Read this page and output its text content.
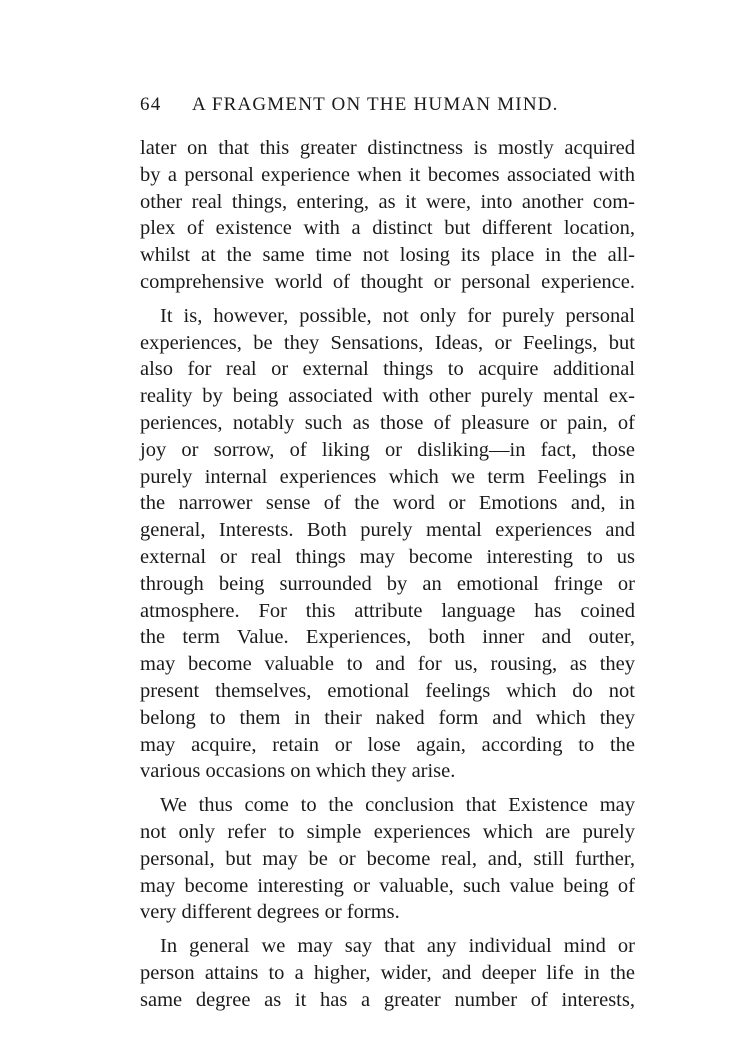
64 A FRAGMENT ON THE HUMAN MIND.
later on that this greater distinctness is mostly acquired
by a personal experience when it becomes associated with
other real things, entering, as it were, into another com-
plex of existence with a distinct but different location,
whilst at the same time not losing its place in the all-
comprehensive world of thought or personal experience.
It is, however, possible, not only for purely personal
experiences, be they Sensations, Ideas, or Feelings, but
also for real or external things to acquire additional
reality by being associated with other purely mental ex-
periences, notably such as those of pleasure or pain, of
joy or sorrow, of liking or disliking—in fact, those
purely internal experiences which we term Feelings in
the narrower sense of the word or Emotions and, in
general, Interests. Both purely mental experiences and
external or real things may become interesting to us
through being surrounded by an emotional fringe or
atmosphere. For this attribute language has coined
the term Value. Experiences, both inner and outer,
may become valuable to and for us, rousing, as they
present themselves, emotional feelings which do not
belong to them in their naked form and which they
may acquire, retain or lose again, according to the
various occasions on which they arise.
We thus come to the conclusion that Existence may
not only refer to simple experiences which are purely
personal, but may be or become real, and, still further,
may become interesting or valuable, such value being of
very different degrees or forms.
In general we may say that any individual mind or
person attains to a higher, wider, and deeper life in the
same degree as it has a greater number of interests,
